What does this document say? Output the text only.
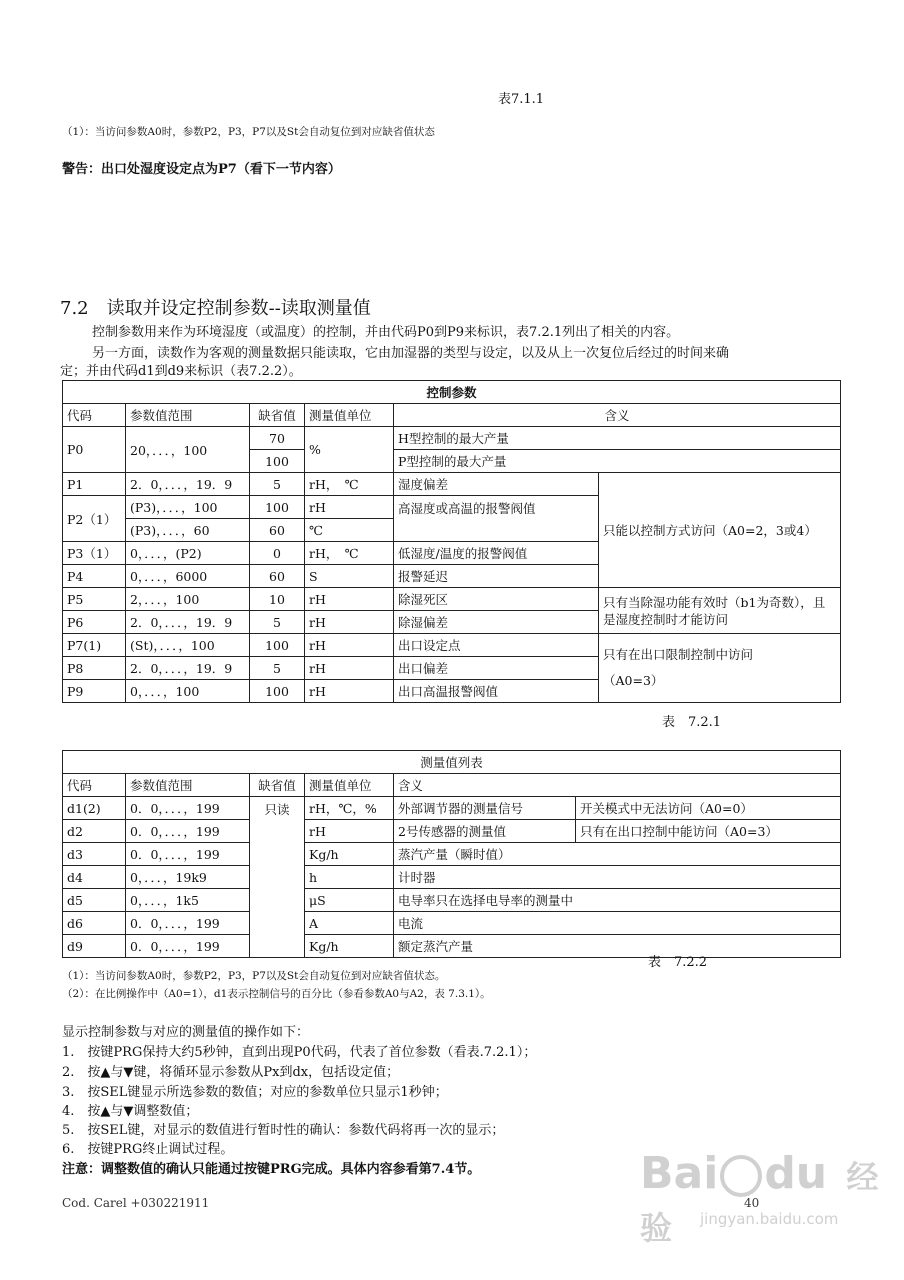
表7.1.1
（1）：当访问参数A0时，参数P2，P3，P7以及St会自动复位到对应缺省值状态
警告：出口处湿度设定点为P7（看下一节内容）
7.2　读取并设定控制参数--读取测量值
控制参数用来作为环境湿度（或温度）的控制，并由代码P0到P9来标识，表7.2.1列出了相关的内容。
另一方面，读数作为客观的测量数据只能读取，它由加湿器的类型与设定，以及从上一次复位后经过的时间来确
定；并由代码d1到d9来标识（表7.2.2）。
控制参数					
代码	参数值范围	缺省值	测量值单位	含义	
P0	20，．．．，100	70	%	H型控制的最大产量	
		100		P型控制的最大产量	
P1	2．0，．．．，19．9	5	rH，　℃	湿度偏差	只能以控制方式访问（A0=2，3或4）
P2（1）	(P3)，．．．，100	100	rH	高湿度或高温的报警阀值	
	(P3)，．．．，60	60	℃		
P3（1）	0，．．．，(P2)	0	rH，　℃	低湿度/温度的报警阀值	
P4	0，．．．，6000	60	S	报警延迟	
P5	2，．．．，100	10	rH	除湿死区	只有当除湿功能有效时（b1为奇数），且是湿度控制时才能访问
P6	2．0，．．．，19．9	5	rH	除湿偏差	
P7(1)	(St)，．．．，100	100	rH	出口设定点	只有在出口限制控制中访问
（A0=3）

P8	2．0，．．．，19．9	5	rH	出口偏差	
P9	0，．．．，100	100	rH	出口高温报警阀值	
表　7.2.1
测量值列表					
代码	参数值范围	缺省值	测量值单位	含义	
d1(2)	0．0，．．．，199	只读	rH，℃，%	外部调节器的测量信号	开关模式中无法访问（A0=0）
d2	0．0，．．．，199		rH	2号传感器的测量值	只有在出口控制中能访问（A0=3）
d3	0．0，．．．，199		Kg/h	蒸汽产量（瞬时值）	
d4	0，．．．，19k9		h	计时器	
d5	0，．．．，1k5		μS	电导率只在选择电导率的测量中	
d6	0．0，．．．，199		A	电流	
d9	0．0，．．．，199		Kg/h	额定蒸汽产量	
表　7.2.2
（1）：当访问参数A0时，参数P2，P3，P7以及St会自动复位到对应缺省值状态。
（2）：在比例操作中（A0=1），d1表示控制信号的百分比（参看参数A0与A2，表 7.3.1）。
显示控制参数与对应的测量值的操作如下：
1.　按键PRG保持大约5秒钟，直到出现P0代码，代表了首位参数（看表.7.2.1）；
2.　按▲与▼键，将循环显示参数从Px到dx，包括设定值；
3.　按SEL键显示所选参数的数值；对应的参数单位只显示1秒钟；
4.　按▲与▼调整数值；
5.　按SEL键，对显示的数值进行暂时性的确认：参数代码将再一次的显示；
6.　按键PRG终止调试过程。
注意：调整数值的确认只能通过按键PRG完成。具体内容参看第7.4节。
Cod. Carel +030221911	40
Bai du 经验	jingyan.baidu.com
